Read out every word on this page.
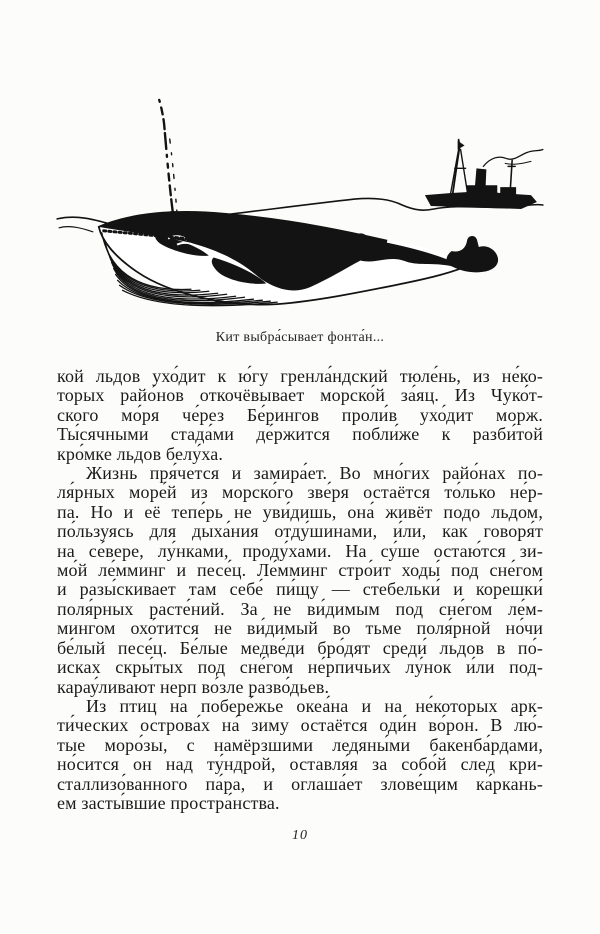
Кит выбра́сывает фонта́н...
кой льдов ухо́дит к ю́гу гренла́ндский тюле́нь, из не́ко-
торых райо́нов откочёвывает морско́й за́яц. Из Чуко́т-
ского мо́ря че́рез Бе́рингов проли́в ухо́дит морж.
Ты́сячными стада́ми де́ржится побли́же к разби́той
кро́мке льдов белу́ха.
Жизнь пря́чется и замира́ет. Во мно́гих райо́нах по-
ля́рных море́й из морско́го зве́ря остаётся то́лько не́р-
па. Но и её тепе́рь не уви́дишь, она́ живёт подо льдом,
по́льзуясь для дыха́ния отду́шинами, и́ли, как говоря́т
на се́вере, лу́нками, проду́хами. На су́ше остаю́тся зи-
мо́й ле́мминг и песе́ц. Ле́мминг стро́ит ходы́ под сне́гом
и разы́скивает там себе́ пи́щу — стебельки́ и корешки́
поля́рных расте́ний. За не ви́димым под сне́гом ле́м-
мингом охо́тится не ви́димый во тьме поля́рной но́чи
бе́лый песе́ц. Бе́лые медве́ди бро́дят среди́ льдов в по́-
исках скры́тых под сне́гом не́рпичьих лу́нок и́ли под-
карау́ливают нерп во́зле разво́дьев.
Из птиц на побере́жье океа́на и на не́которых арк-
ти́ческих острова́х на́ зиму остаётся оди́н во́рон. В лю́-
тые моро́зы, с намёрзшими ледяны́ми бакенба́рдами,
но́сится он над ту́ндрой, оставля́я за собо́й след кри-
сталлизо́ванного па́ра, и оглаша́ет злове́щим ка́ркань-
ем засты́вшие простра́нства.
10
